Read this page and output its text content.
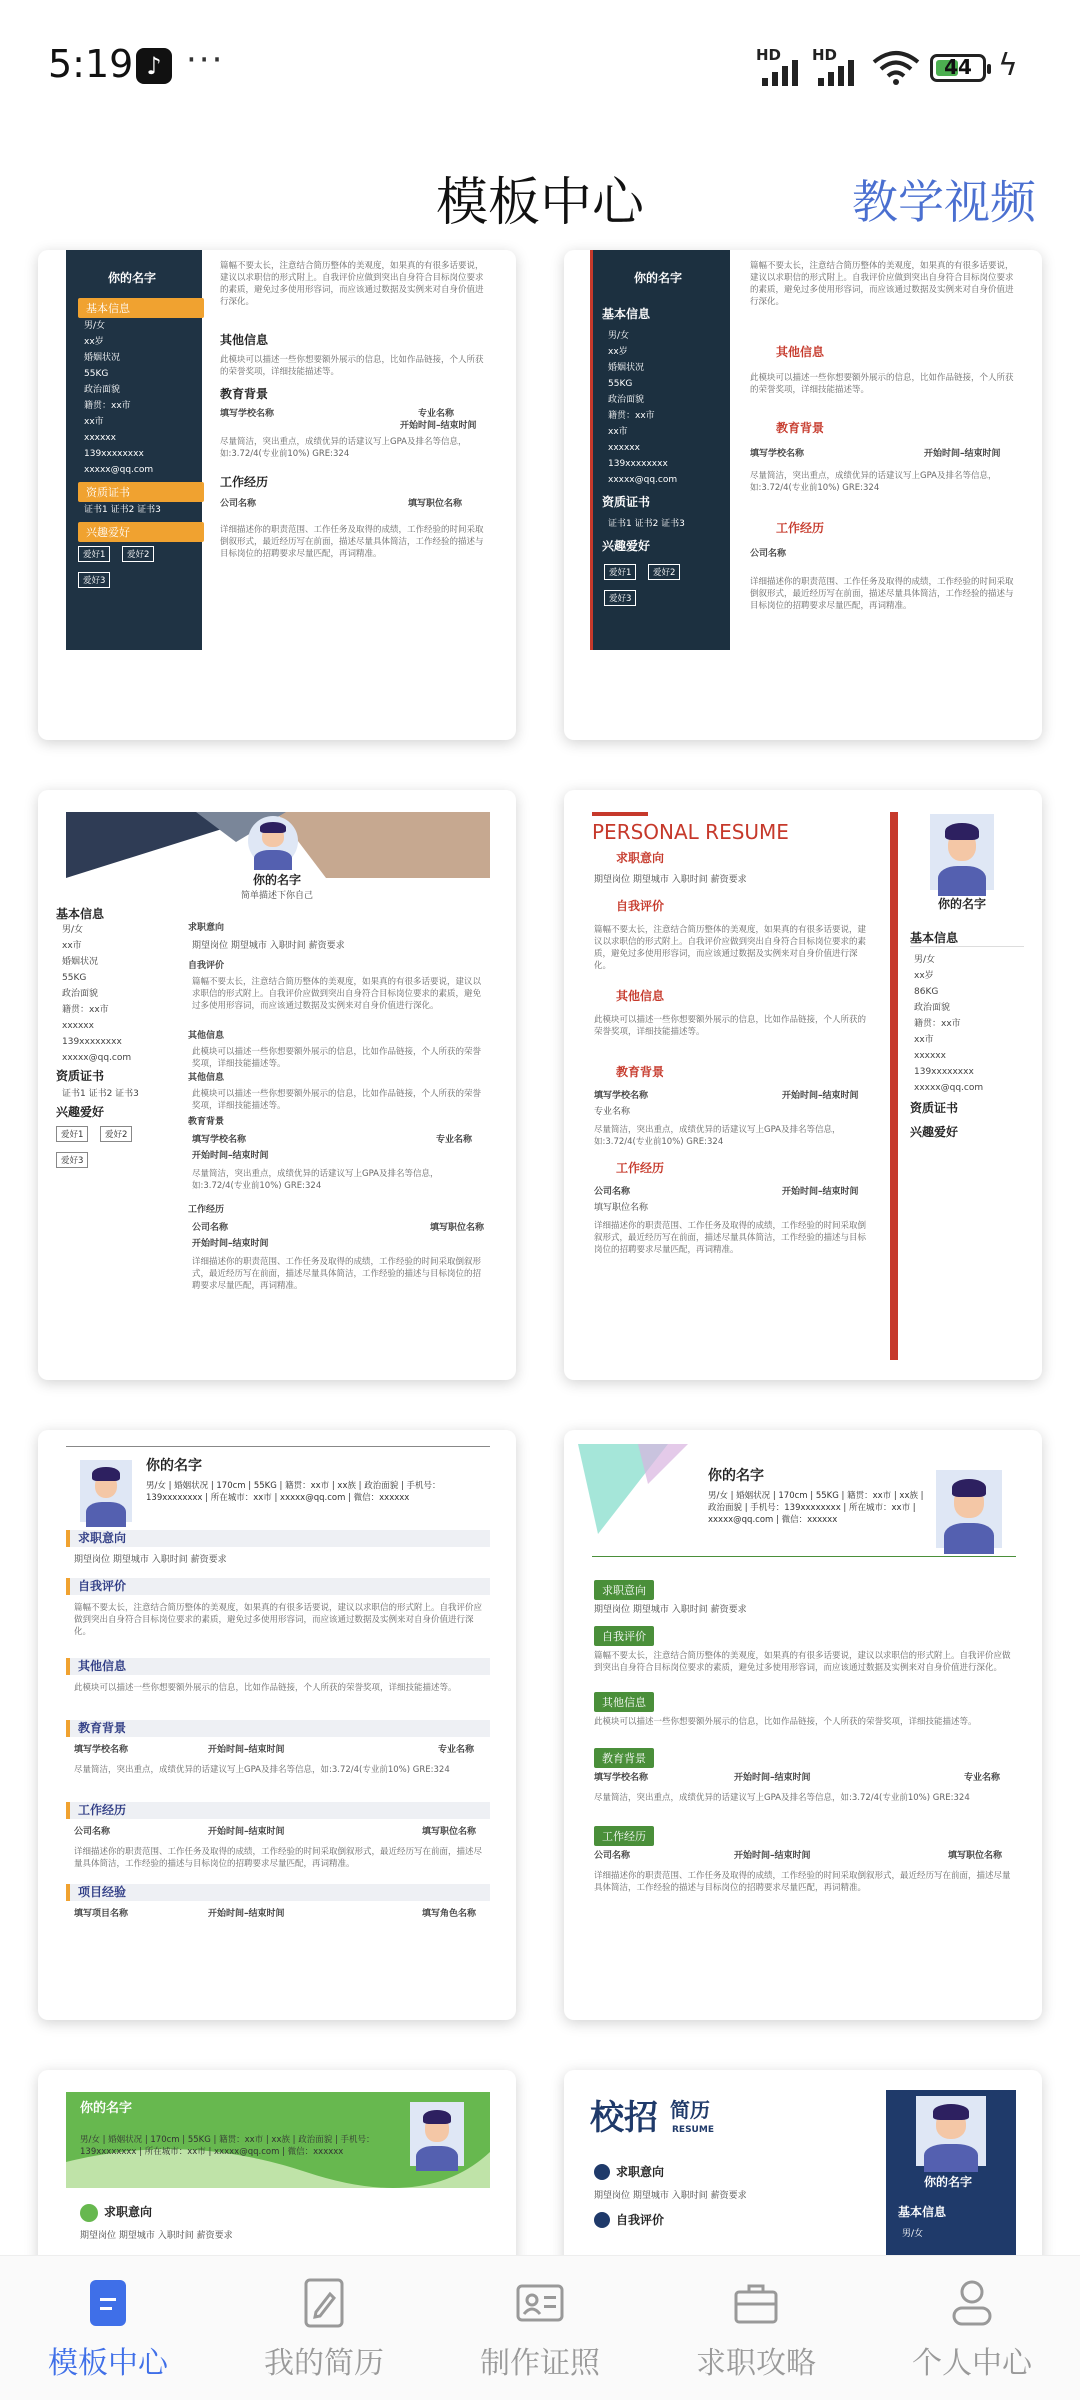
5:19 ♪ ···	HD HD	44 ϟ
模板中心	教学视频
你的名字
基本信息
男/女
xx岁
婚姻状况
55KG
政治面貌
籍贯：xx市
xx市
xxxxxx
139xxxxxxxx
xxxxx@qq.com
资质证书
证书1 证书2 证书3
兴趣爱好
爱好1	爱好2
爱好3
篇幅不要太长，注意结合简历整体的美观度，如果真的有很多话要说，建议以求职信的形式附上。自我评价应做到突出自身符合目标岗位要求的素质，避免过多使用形容词，而应该通过数据及实例来对自身价值进行深化。
其他信息
此模块可以描述一些你想要额外展示的信息，比如作品链接，个人所获的荣誉奖项，详细技能描述等。
教育背景
填写学校名称	专业名称
开始时间–结束时间
尽量简洁，突出重点，成绩优异的话建议写上GPA及排名等信息，如:3.72/4(专业前10%) GRE:324
工作经历
公司名称	填写职位名称
详细描述你的职责范围、工作任务及取得的成绩，工作经验的时间采取倒叙形式，最近经历写在前面，描述尽量具体简洁，工作经验的描述与目标岗位的招聘要求尽量匹配，再词精准。
你的名字
基本信息
男/女
xx岁
婚姻状况
55KG
政治面貌
籍贯：xx市
xx市
xxxxxx
139xxxxxxxx
xxxxx@qq.com
资质证书
证书1 证书2 证书3
兴趣爱好
爱好1	爱好2
爱好3
篇幅不要太长，注意结合简历整体的美观度，如果真的有很多话要说，建议以求职信的形式附上。自我评价应做到突出自身符合目标岗位要求的素质，避免过多使用形容词，而应该通过数据及实例来对自身价值进行深化。
其他信息
此模块可以描述一些你想要额外展示的信息，比如作品链接，个人所获的荣誉奖项，详细技能描述等。
教育背景
填写学校名称	开始时间–结束时间
尽量简洁，突出重点，成绩优异的话建议写上GPA及排名等信息，如:3.72/4(专业前10%) GRE:324
工作经历
公司名称
详细描述你的职责范围、工作任务及取得的成绩，工作经验的时间采取倒叙形式，最近经历写在前面，描述尽量具体简洁，工作经验的描述与目标岗位的招聘要求尽量匹配，再词精准。
你的名字
简单描述下你自己
基本信息
男/女
xx市
婚姻状况
55KG
政治面貌
籍贯：xx市
xxxxxx
139xxxxxxxx
xxxxx@qq.com
资质证书
证书1 证书2 证书3
兴趣爱好
爱好1	爱好2
爱好3
求职意向
期望岗位 期望城市 入职时间 薪资要求
自我评价
篇幅不要太长，注意结合简历整体的美观度，如果真的有很多话要说，建议以求职信的形式附上。自我评价应做到突出自身符合目标岗位要求的素质，避免过多使用形容词，而应该通过数据及实例来对自身价值进行深化。
其他信息
此模块可以描述一些你想要额外展示的信息，比如作品链接，个人所获的荣誉奖项，详细技能描述等。
其他信息
此模块可以描述一些你想要额外展示的信息，比如作品链接，个人所获的荣誉奖项，详细技能描述等。
教育背景
填写学校名称	专业名称
开始时间–结束时间
尽量简洁，突出重点，成绩优异的话建议写上GPA及排名等信息，如:3.72/4(专业前10%) GRE:324
工作经历
公司名称	填写职位名称
开始时间–结束时间
详细描述你的职责范围、工作任务及取得的成绩，工作经验的时间采取倒叙形式，最近经历写在前面，描述尽量具体简洁，工作经验的描述与目标岗位的招聘要求尽量匹配，再词精准。
PERSONAL RESUME
你的名字
基本信息
男/女
xx岁
86KG
政治面貌
籍贯：xx市
xx市
xxxxxx
139xxxxxxxx
xxxxx@qq.com
资质证书
兴趣爱好
求职意向
期望岗位 期望城市 入职时间 薪资要求
自我评价
篇幅不要太长，注意结合简历整体的美观度，如果真的有很多话要说，建议以求职信的形式附上。自我评价应做到突出自身符合目标岗位要求的素质，避免过多使用形容词，而应该通过数据及实例来对自身价值进行深化。
其他信息
此模块可以描述一些你想要额外展示的信息，比如作品链接，个人所获的荣誉奖项，详细技能描述等。
教育背景
填写学校名称	开始时间–结束时间
专业名称
尽量简洁，突出重点，成绩优异的话建议写上GPA及排名等信息，如:3.72/4(专业前10%) GRE:324
工作经历
公司名称	开始时间–结束时间
填写职位名称
详细描述你的职责范围、工作任务及取得的成绩，工作经验的时间采取倒叙形式，最近经历写在前面，描述尽量具体简洁，工作经验的描述与目标岗位的招聘要求尽量匹配，再词精准。
你的名字
男/女 | 婚姻状况 | 170cm | 55KG | 籍贯：xx市 | xx族 | 政治面貌 | 手机号：139xxxxxxxx | 所在城市：xx市 | xxxxx@qq.com | 微信：xxxxxx
求职意向
期望岗位 期望城市 入职时间 薪资要求
自我评价
篇幅不要太长，注意结合简历整体的美观度，如果真的有很多话要说，建议以求职信的形式附上。自我评价应做到突出自身符合目标岗位要求的素质，避免过多使用形容词，而应该通过数据及实例来对自身价值进行深化。
其他信息
此模块可以描述一些你想要额外展示的信息，比如作品链接，个人所获的荣誉奖项，详细技能描述等。
教育背景
填写学校名称	开始时间–结束时间	专业名称
尽量简洁，突出重点，成绩优异的话建议写上GPA及排名等信息，如:3.72/4(专业前10%) GRE:324
工作经历
公司名称	开始时间–结束时间	填写职位名称
详细描述你的职责范围、工作任务及取得的成绩，工作经验的时间采取倒叙形式，最近经历写在前面，描述尽量具体简洁，工作经验的描述与目标岗位的招聘要求尽量匹配，再词精准。
项目经验
填写项目名称	开始时间–结束时间	填写角色名称
你的名字
男/女 | 婚姻状况 | 170cm | 55KG | 籍贯：xx市 | xx族 | 政治面貌 | 手机号：139xxxxxxxx | 所在城市：xx市 | xxxxx@qq.com | 微信：xxxxxx
求职意向
期望岗位 期望城市 入职时间 薪资要求
自我评价
篇幅不要太长，注意结合简历整体的美观度，如果真的有很多话要说，建议以求职信的形式附上。自我评价应做到突出自身符合目标岗位要求的素质，避免过多使用形容词，而应该通过数据及实例来对自身价值进行深化。
其他信息
此模块可以描述一些你想要额外展示的信息，比如作品链接，个人所获的荣誉奖项，详细技能描述等。
教育背景
填写学校名称	开始时间–结束时间	专业名称
尽量简洁，突出重点，成绩优异的话建议写上GPA及排名等信息，如:3.72/4(专业前10%) GRE:324
工作经历
公司名称	开始时间–结束时间	填写职位名称
详细描述你的职责范围、工作任务及取得的成绩，工作经验的时间采取倒叙形式，最近经历写在前面，描述尽量具体简洁，工作经验的描述与目标岗位的招聘要求尽量匹配，再词精准。
你的名字
男/女 | 婚姻状况 | 170cm | 55KG | 籍贯：xx市 | xx族 | 政治面貌 | 手机号：139xxxxxxxx | 所在城市：xx市 | xxxxx@qq.com | 微信：xxxxxx
求职意向
期望岗位 期望城市 入职时间 薪资要求
校招 简历
RESUME
求职意向
期望岗位 期望城市 入职时间 薪资要求
自我评价
你的名字
基本信息
男/女
模板中心	我的简历	制作证照	求职攻略	个人中心
